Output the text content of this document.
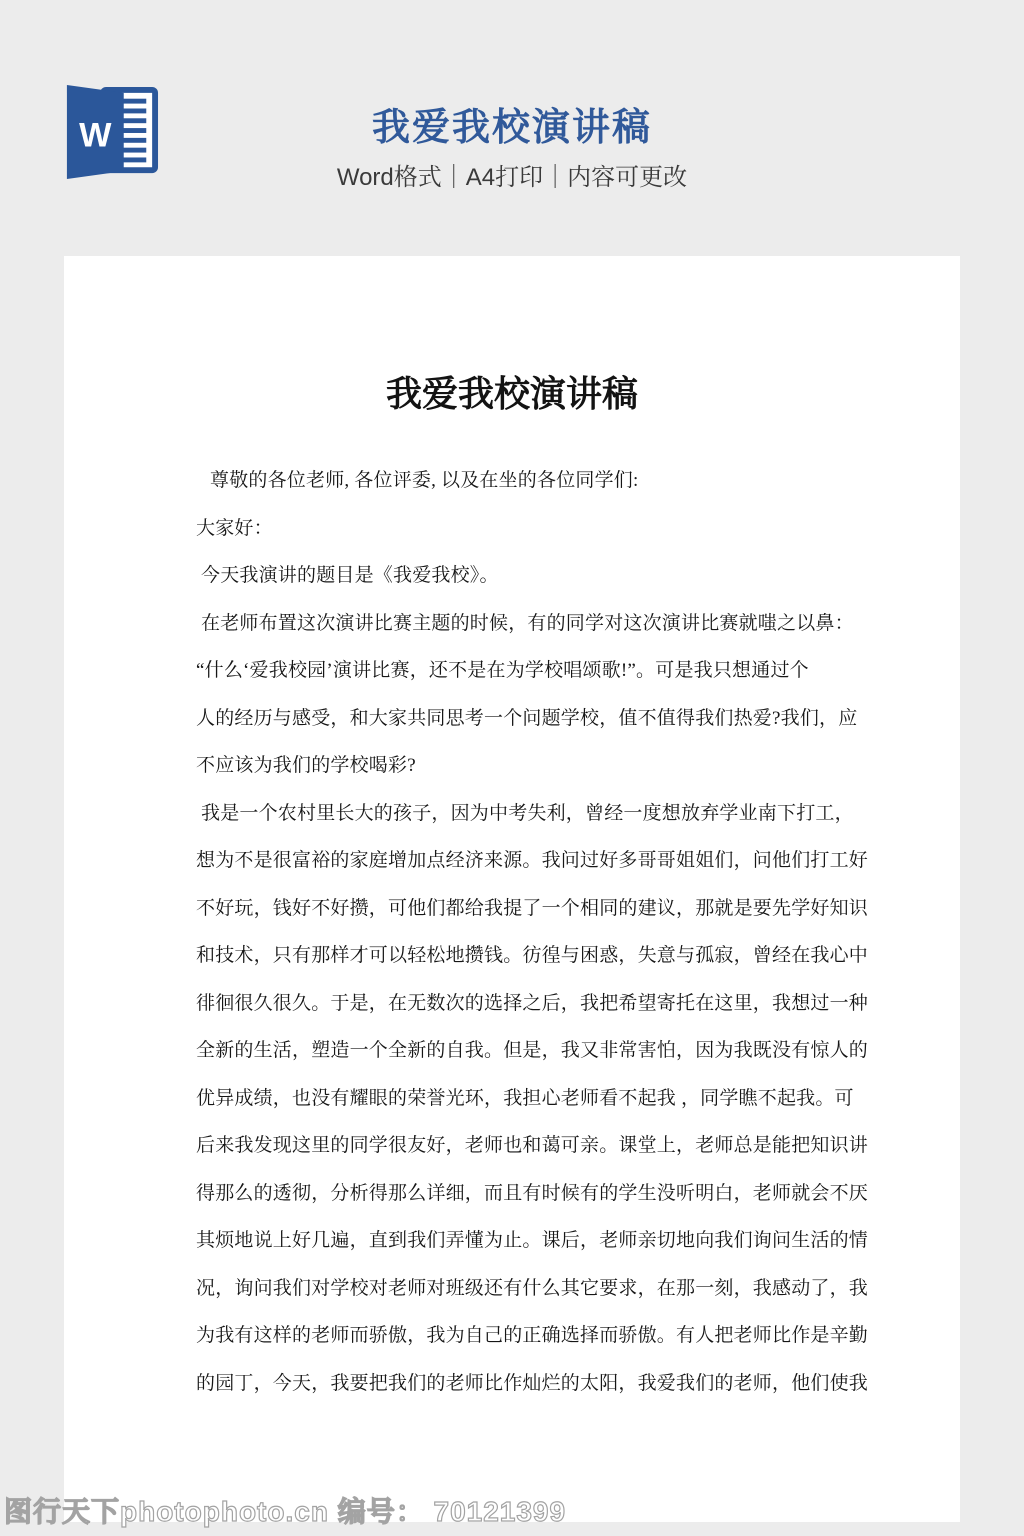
W	我爱我校演讲稿
Word格式｜A4打印｜内容可更改
我爱我校演讲稿
尊敬的各位老师, 各位评委, 以及在坐的各位同学们:
大家好：
今天我演讲的题目是《我爱我校》。
在老师布置这次演讲比赛主题的时候，有的同学对这次演讲比赛就嗤之以鼻：
“什么‘爱我校园’演讲比赛，还不是在为学校唱颂歌!”。可是我只想通过个
人的经历与感受，和大家共同思考一个问题学校，值不值得我们热爱?我们，应
不应该为我们的学校喝彩?
我是一个农村里长大的孩子，因为中考失利，曾经一度想放弃学业南下打工，
想为不是很富裕的家庭增加点经济来源。我问过好多哥哥姐姐们，问他们打工好
不好玩，钱好不好攒，可他们都给我提了一个相同的建议，那就是要先学好知识
和技术，只有那样才可以轻松地攒钱。彷徨与困惑，失意与孤寂，曾经在我心中
徘徊很久很久。于是，在无数次的选择之后，我把希望寄托在这里，我想过一种
全新的生活，塑造一个全新的自我。但是，我又非常害怕，因为我既没有惊人的
优异成绩，也没有耀眼的荣誉光环，我担心老师看不起我 ，同学瞧不起我。可
后来我发现这里的同学很友好，老师也和蔼可亲。课堂上，老师总是能把知识讲
得那么的透彻，分析得那么详细，而且有时候有的学生没听明白，老师就会不厌
其烦地说上好几遍，直到我们弄懂为止。课后，老师亲切地向我们询问生活的情
况，询问我们对学校对老师对班级还有什么其它要求，在那一刻，我感动了，我
为我有这样的老师而骄傲，我为自己的正确选择而骄傲。有人把老师比作是辛勤
的园丁，今天，我要把我们的老师比作灿烂的太阳，我爱我们的老师，他们使我
图行天下photophoto.cn 编号： 70121399
